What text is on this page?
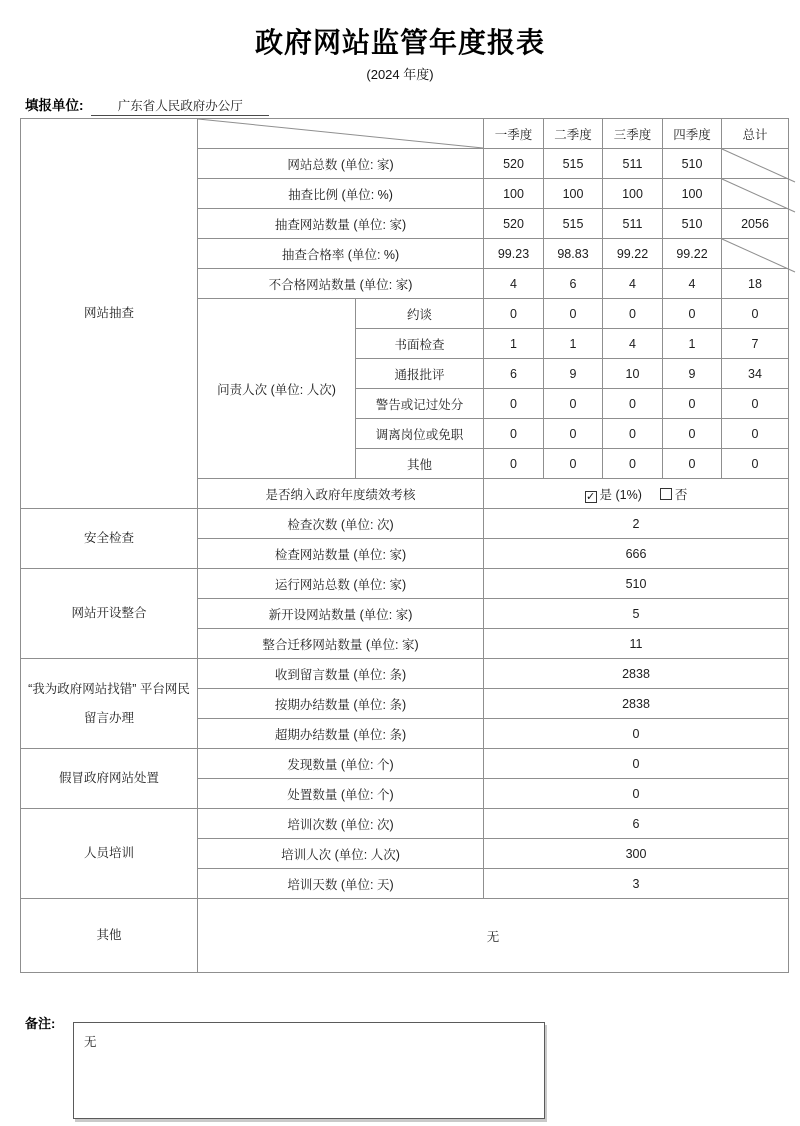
政府网站监管年度报表
(2024 年度)
填报单位:	广东省人民政府办公厅
网站抽查			一季度	二季度	三季度	四季度	总计
	网站总数 (单位: 家)		520	515	511	510	

	抽查比例 (单位: %)		100	100	100	100	

	抽查网站数量 (单位: 家)		520	515	511	510	2056
	抽查合格率 (单位: %)		99.23	98.83	99.22	99.22	

	不合格网站数量 (单位: 家)		4	6	4	4	18
	问责人次 (单位: 人次)	约谈	0	0	0	0	0
		书面检查	1	1	4	1	7
		通报批评	6	9	10	9	34
		警告或记过处分	0	0	0	0	0
		调离岗位或免职	0	0	0	0	0
		其他	0	0	0	0	0
	是否纳入政府年度绩效考核		✓ 是 (1%) 否				
安全检查	检查次数 (单位: 次)		2				
	检查网站数量 (单位: 家)		666				
网站开设整合	运行网站总数 (单位: 家)		510				
	新开设网站数量 (单位: 家)		5				
	整合迁移网站数量 (单位: 家)		11				
“我为政府网站找错” 平台网民留言办理	收到留言数量 (单位: 条)		2838				
	按期办结数量 (单位: 条)		2838				
	超期办结数量 (单位: 条)		0				
假冒政府网站处置	发现数量 (单位: 个)		0				
	处置数量 (单位: 个)		0				
人员培训	培训次数 (单位: 次)		6				
	培训人次 (单位: 人次)		300				
	培训天数 (单位: 天)		3				
其他	无						
备注:
无
